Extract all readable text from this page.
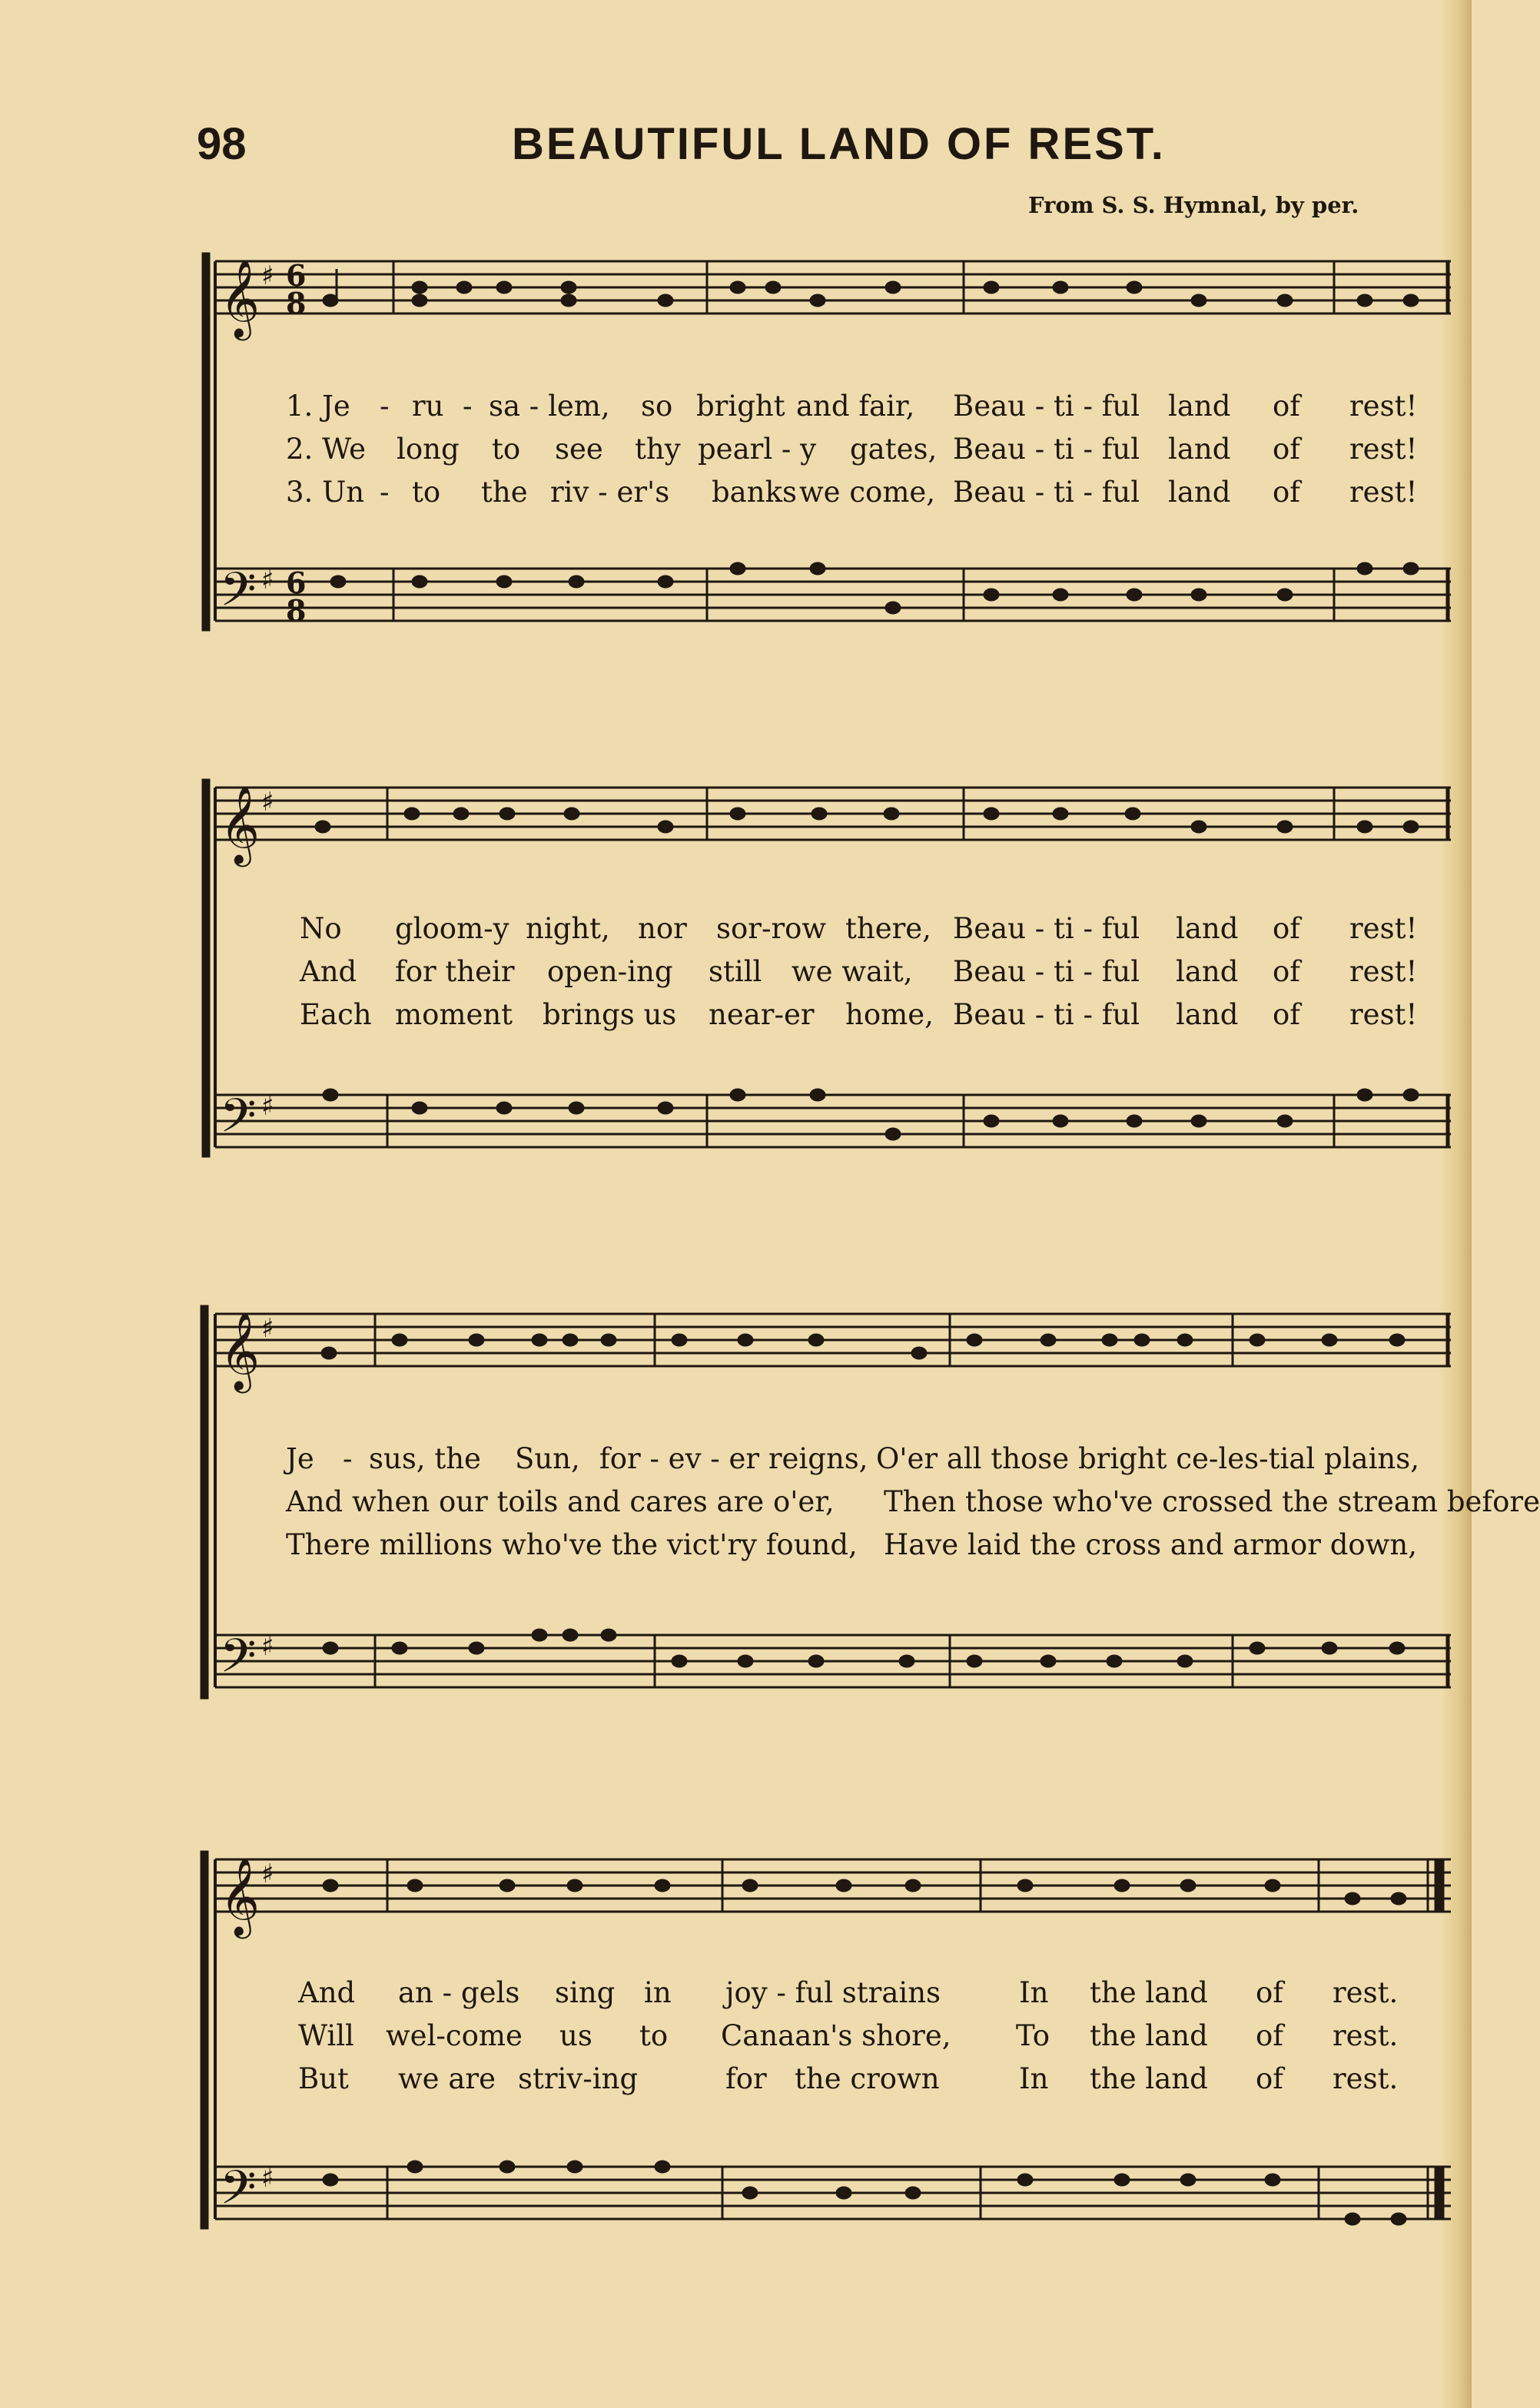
98	BEAUTIFUL LAND OF REST.
From S. S. Hymnal, by per.
𝄞 ♯ 6
8
𝄢 ♯ 6
8
1. Je - ru - sa - lem, so bright and fair, Beau - ti - ful land of rest!
2. We long to see thy pearl - y gates, Beau - ti - ful land of rest!
3. Un - to the riv - er's banks we come, Beau - ti - ful land of rest!
𝄞 ♯
𝄢 ♯
No gloom-y night, nor sor-row there, Beau - ti - ful land of rest!
And for their open-ing still we wait, Beau - ti - ful land of rest!
Each moment brings us near-er home, Beau - ti - ful land of rest!
𝄞 ♯
𝄢 ♯
Je - sus, the Sun, for - ev - er reigns, O'er all those bright ce-les-tial plains,
And when our toils and cares are o'er, Then those who've crossed the stream before
There millions who've the vict'ry found, Have laid the cross and armor down,
𝄞 ♯
𝄢 ♯
And an - gels sing in joy - ful strains	In the land of rest.
Will wel-come us to Canaan's shore, To the land of rest.
But we are striv-ing	for the crown	In the land of rest.
